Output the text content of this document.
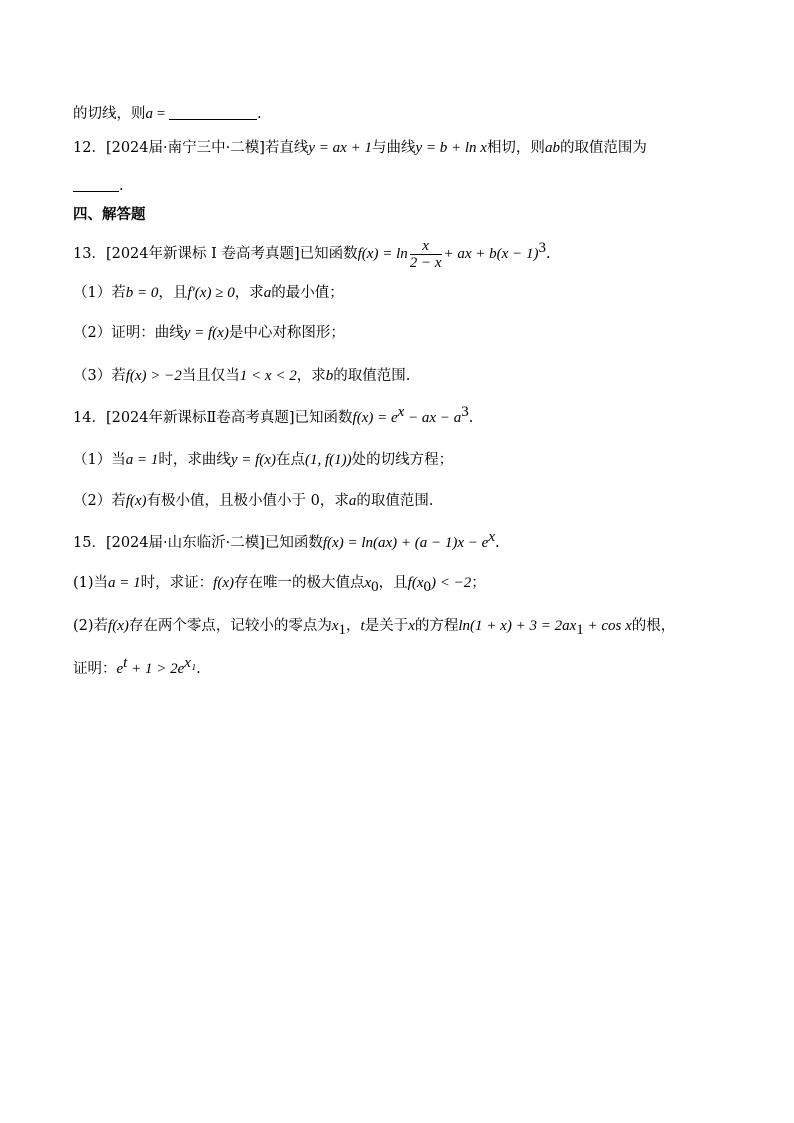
的切线，则a =	.
12．[2024届·南宁三中·二模]若直线y = ax + 1与曲线y = b + ln x相切，则ab的取值范围为
.
四、解答题
13．[2024年新课标 I 卷高考真题]已知函数$f(x) = \ln \frac{x}{2 - x}$ + ax + $b(x - 1)^3$.
（1）若b = 0，且f′(x) ≥ 0，求a的最小值；
（2）证明：曲线y = f(x)是中心对称图形；
（3）若f(x) > −2当且仅当1 < x < 2，求b的取值范围.
14．[2024年新课标Ⅱ卷高考真题]已知函数$f(x) = e^x$ − ax − $a^3$.
（1）当a = 1时，求曲线y = f(x)在点(1, f(1))处的切线方程；
（2）若f(x)有极小值，且极小值小于 0，求a的取值范围.
15．[2024届·山东临沂·二模]已知函数$f(x) = \ln(ax) + (a - 1)x - e^x$.
(1)当a = 1时，求证：f(x)存在唯一的极大值点$x_0$，且$f(x_0) < -2$；
(2)若f(x)存在两个零点，记较小的零点为$x_1$，t是关于x的方程$\ln(1 + x) + 3 = 2ax_1 + \cos x$的根，
证明：$e^t + 1 > 2e^{x_1}$.
